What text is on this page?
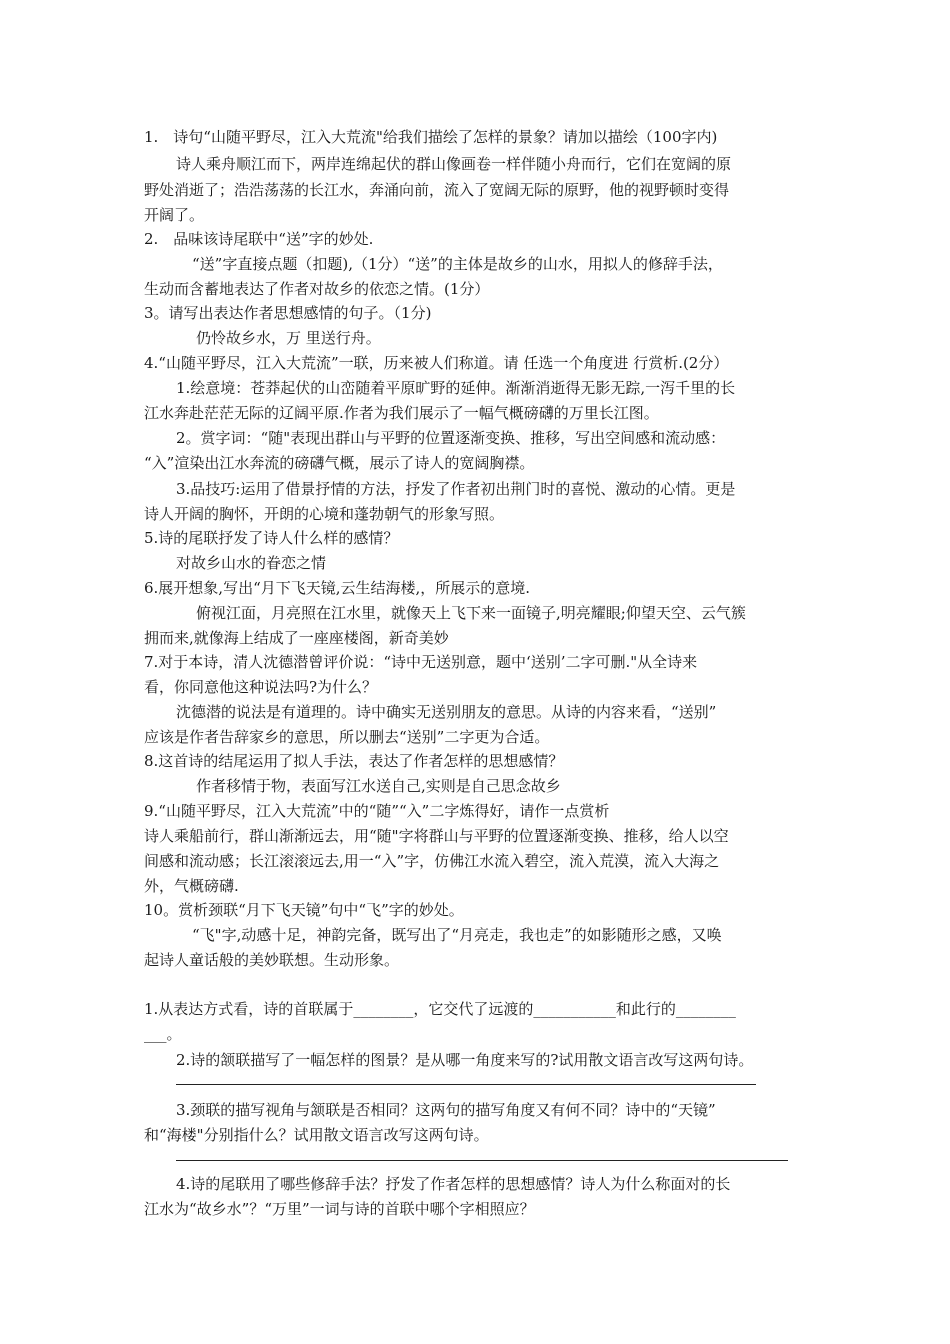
1.　诗句“山随平野尽，江入大荒流"给我们描绘了怎样的景象？请加以描绘（100字内)
诗人乘舟顺江而下，两岸连绵起伏的群山像画卷一样伴随小舟而行，它们在宽阔的原
野处消逝了；浩浩荡荡的长江水，奔涌向前，流入了宽阔无际的原野，他的视野顿时变得
开阔了。
2.　品味该诗尾联中“送”字的妙处.
“送”字直接点题（扣题),（1分）“送”的主体是故乡的山水，用拟人的修辞手法，
生动而含蓄地表达了作者对故乡的依恋之情。(1分）
3。请写出表达作者思想感情的句子。（1分)
仍怜故乡水，万 里送行舟。
4.“山随平野尽，江入大荒流”一联，历来被人们称道。请 任选一个角度进 行赏析.(2分）
1.绘意境：苍莽起伏的山峦随着平原旷野的延伸。渐渐消逝得无影无踪,一泻千里的长
江水奔赴茫茫无际的辽阔平原.作者为我们展示了一幅气概磅礴的万里长江图。
2。赏字词：“随"表现出群山与平野的位置逐渐变换、推移，写出空间感和流动感：
“入”渲染出江水奔流的磅礴气概，展示了诗人的宽阔胸襟。
3.品技巧:运用了借景抒情的方法，抒发了作者初出荆门时的喜悦、激动的心情。更是
诗人开阔的胸怀，开朗的心境和蓬勃朝气的形象写照。
5.诗的尾联抒发了诗人什么样的感情？
对故乡山水的眷恋之情
6.展开想象,写出“月下飞天镜,云生结海楼,，所展示的意境.
俯视江面，月亮照在江水里，就像天上飞下来一面镜子,明亮耀眼;仰望天空、云气簇
拥而来,就像海上结成了一座座楼阁，新奇美妙
7.对于本诗，清人沈德潜曾评价说：“诗中无送别意，题中‘送别’二字可删."从全诗来
看，你同意他这种说法吗?为什么？
沈德潜的说法是有道理的。诗中确实无送别朋友的意思。从诗的内容来看，“送别”
应该是作者告辞家乡的意思，所以删去“送别”二字更为合适。
8.这首诗的结尾运用了拟人手法，表达了作者怎样的思想感情？
作者移情于物，表面写江水送自己,实则是自己思念故乡
9.“山随平野尽，江入大荒流”中的“随”“入”二字炼得好，请作一点赏析
诗人乘船前行，群山渐渐远去，用“随"字将群山与平野的位置逐渐变换、推移，给人以空
间感和流动感；长江滚滚远去,用一“入”字，仿佛江水流入碧空，流入荒漠，流入大海之
外，气概磅礴.
10。赏析颈联“月下飞天镜”句中“飞”字的妙处。
“飞"字,动感十足，神韵完备，既写出了“月亮走，我也走”的如影随形之感，又唤
起诗人童话般的美妙联想。生动形象。
1.从表达方式看，诗的首联属于________，它交代了远渡的___________和此行的________
___。
2.诗的颔联描写了一幅怎样的图景？是从哪一角度来写的?试用散文语言改写这两句诗。
3.颈联的描写视角与颔联是否相同？这两句的描写角度又有何不同？诗中的“天镜”
和“海楼"分别指什么？试用散文语言改写这两句诗。
4.诗的尾联用了哪些修辞手法？抒发了作者怎样的思想感情？诗人为什么称面对的长
江水为“故乡水”？“万里”一词与诗的首联中哪个字相照应？
